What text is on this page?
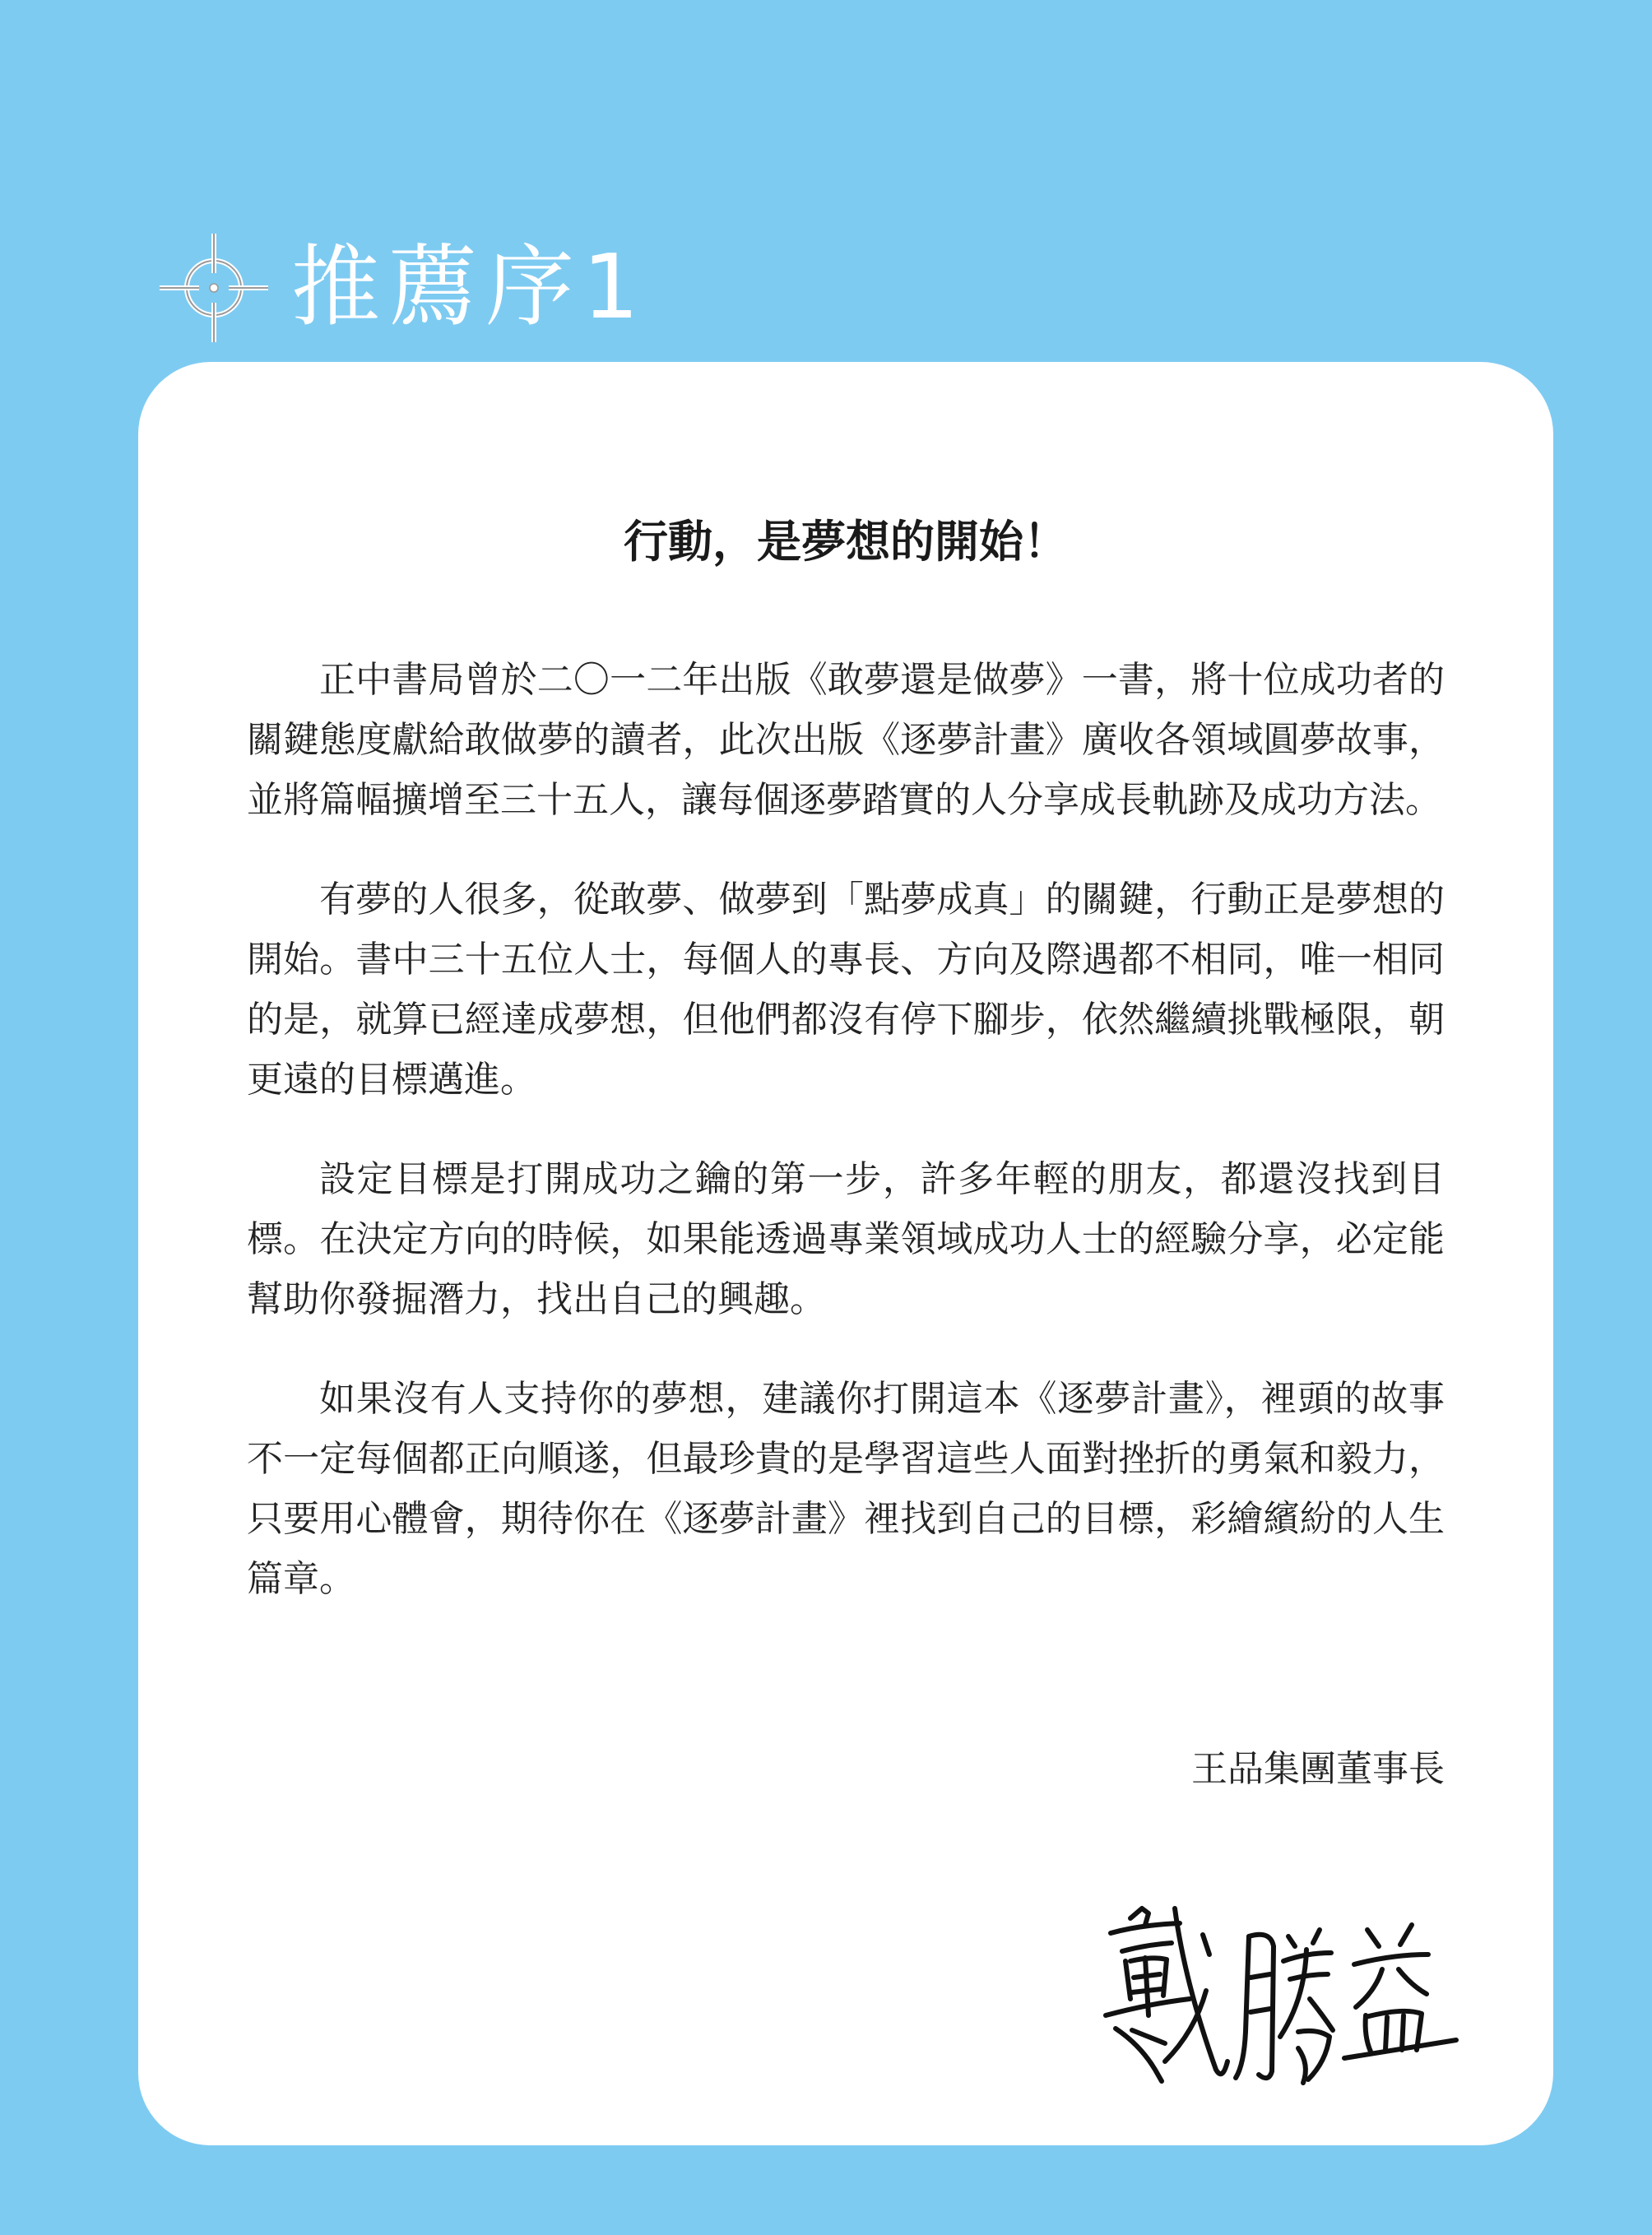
推薦序1
行動，是夢想的開始！

正中書局曾於二〇一二年出版《敢夢還是做夢》一書，將十位成功者的關鍵態度獻給敢做夢的讀者，此次出版《逐夢計畫》廣收各領域圓夢故事，並將篇幅擴增至三十五人，讓每個逐夢踏實的人分享成長軌跡及成功方法。

有夢的人很多，從敢夢、做夢到「點夢成真」的關鍵，行動正是夢想的開始。書中三十五位人士，每個人的專長、方向及際遇都不相同，唯一相同的是，就算已經達成夢想，但他們都沒有停下腳步，依然繼續挑戰極限，朝更遠的目標邁進。

設定目標是打開成功之鑰的第一步，許多年輕的朋友，都還沒找到目標。在決定方向的時候，如果能透過專業領域成功人士的經驗分享，必定能幫助你發掘潛力，找出自己的興趣。

如果沒有人支持你的夢想，建議你打開這本《逐夢計畫》，裡頭的故事不一定每個都正向順遂，但最珍貴的是學習這些人面對挫折的勇氣和毅力，只要用心體會，期待你在《逐夢計畫》裡找到自己的目標，彩繪繽紛的人生篇章。

王品集團董事長
